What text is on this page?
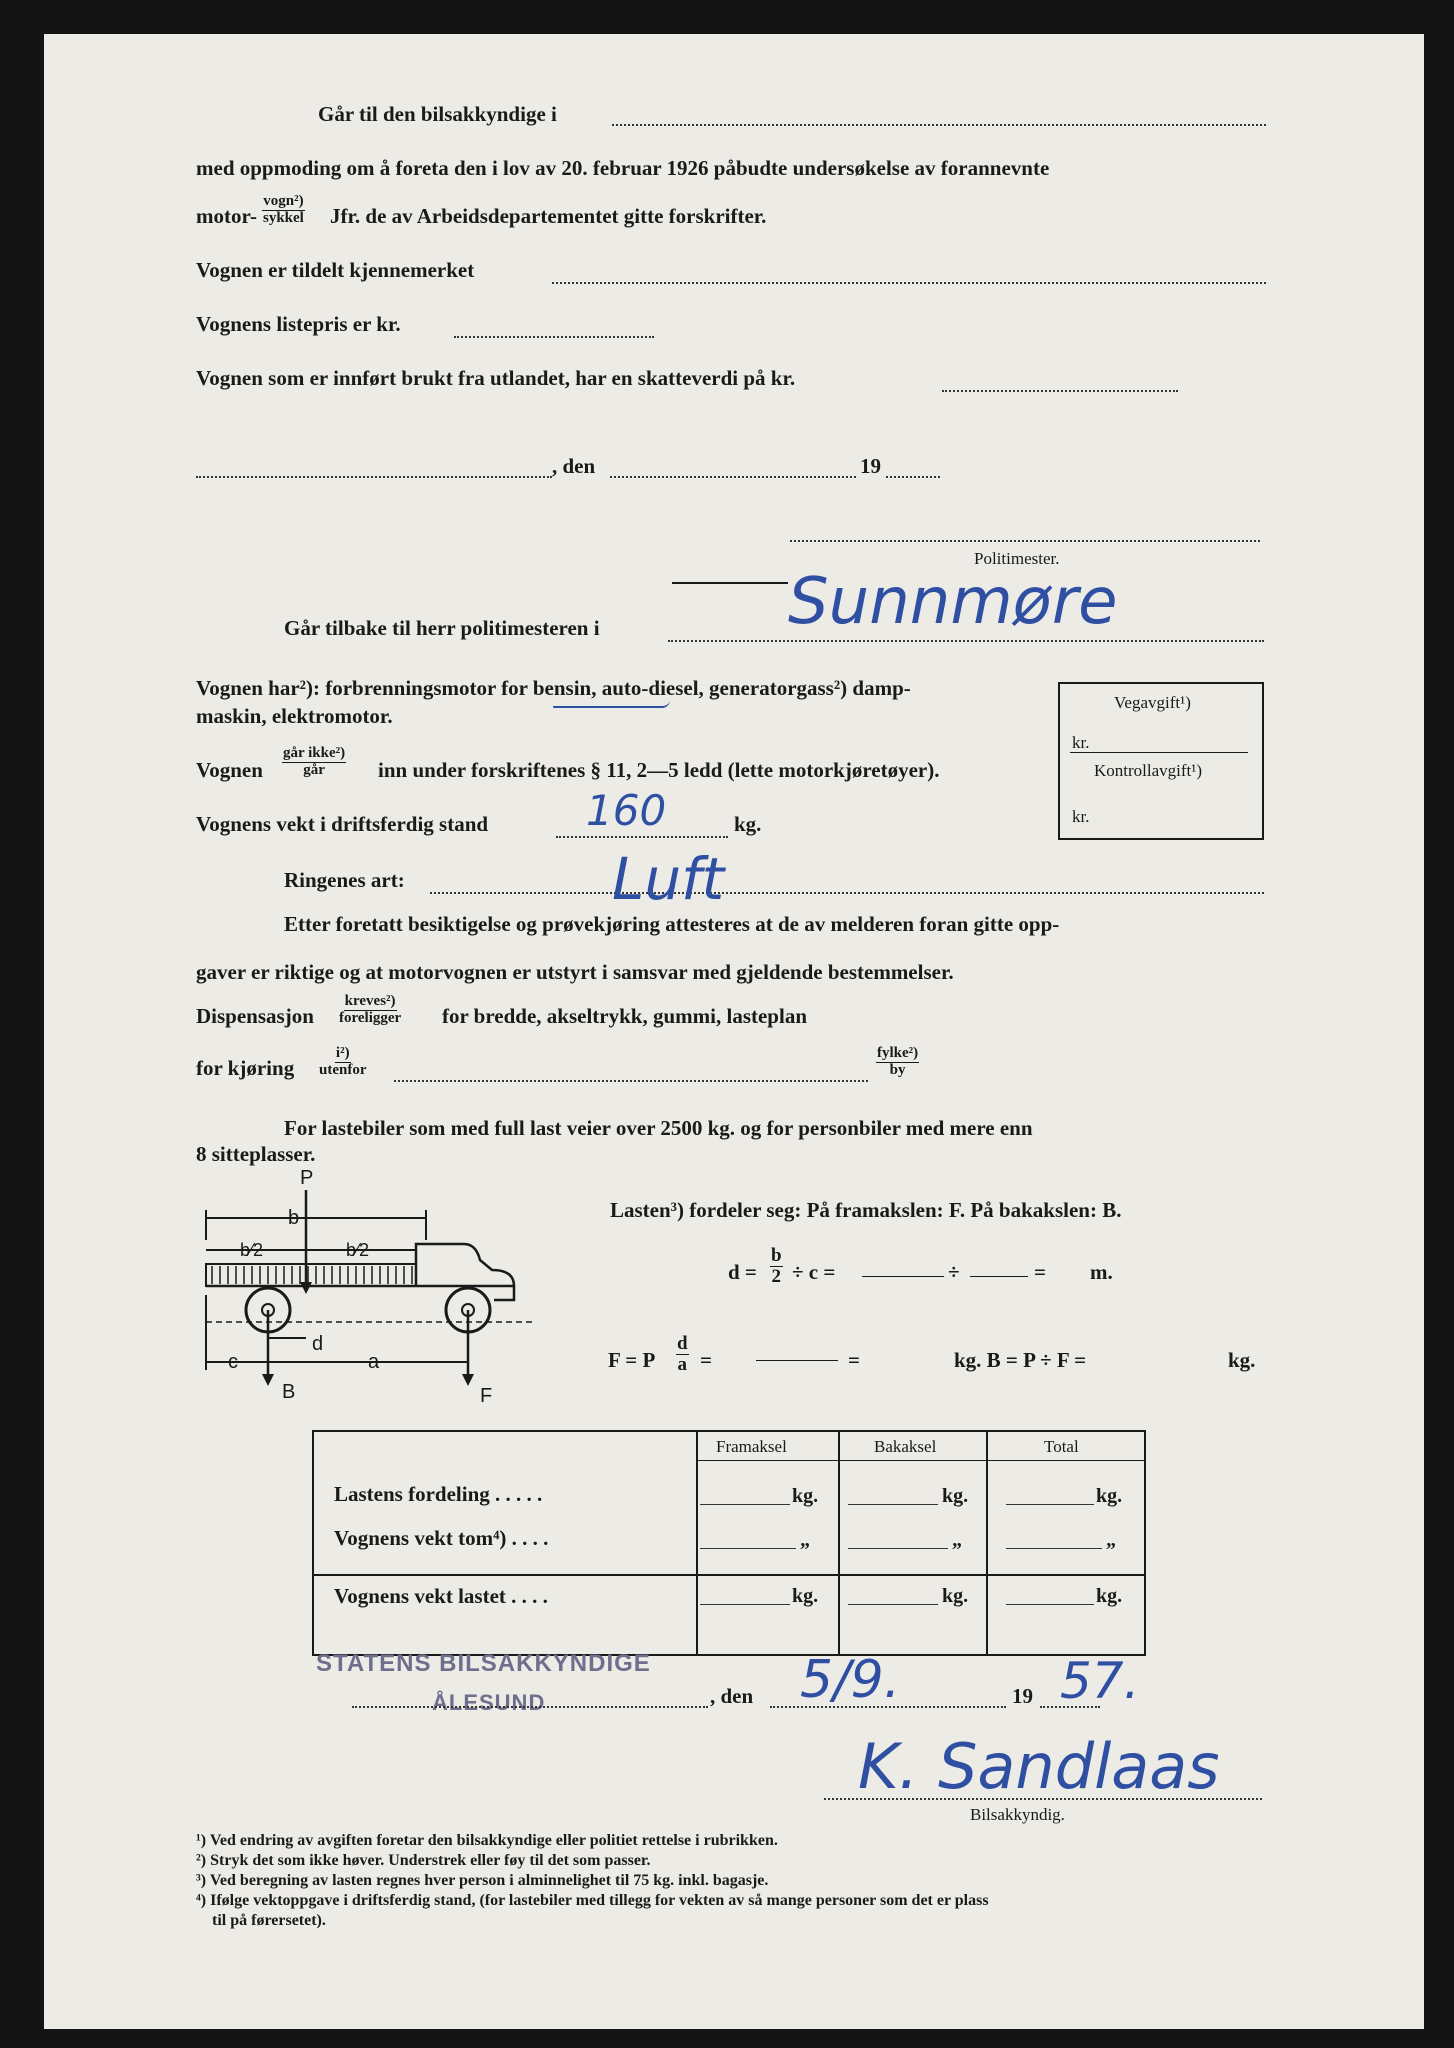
Går til den bilsakkyndige i
med oppmoding om å foreta den i lov av 20. februar 1926 påbudte undersøkelse av forannevnte
motor-
vogn²)
sykkel Jfr. de av Arbeidsdepartementet gitte forskrifter.
Vognen er tildelt kjennemerket
Vognens listepris er kr.
Vognen som er innført brukt fra utlandet, har en skatteverdi på kr.
, den	19
Politimester.
Går tilbake til herr politimesteren i	Sunnmøre
Vognen har²): forbrenningsmotor for bensin, auto-diesel, generatorgass²) damp-
maskin, elektromotor.
Vegavgift¹)
kr.
Kontrollavgift¹)
kr.
Vognen
går ikke²)
går	inn under forskriftenes § 11, 2—5 ledd (lette motorkjøretøyer).
Vognens vekt i driftsferdig stand 160	kg.
Ringenes art:	Luft
Etter foretatt besiktigelse og prøvekjøring attesteres at de av melderen foran gitte opp-
gaver er riktige og at motorvognen er utstyrt i samsvar med gjeldende bestemmelser.
Dispensasjon
kreves²)
foreligger for bredde, akseltrykk, gummi, lasteplan
for kjøring
i²)
utenfor
fylke²)
by
For lastebiler som med full last veier over 2500 kg. og for personbiler med mere enn
8 sitteplasser.
P
b
b⁄2	b⁄2
d
c	a
B	F
Lasten³) fordeler seg: På framakslen: F. På bakakslen: B.
$d = \frac{b}{2} \div c$ =	÷	= m.
F = P $\frac{d}{a}$ =	=	kg. B = P ÷ F =	kg.
Framaksel	Bakaksel	Total
Lastens fordeling . . . . .	kg.	kg.	kg.
Vognens vekt tom⁴) . . . .	„	„	„
Vognens vekt lastet . . . .	kg.	kg.	kg.
STATENS BILSAKKYNDIGE
ÅLESUND	, den 5/9.	19 57.
K. Sandlaas
Bilsakkyndig.
¹) Ved endring av avgiften foretar den bilsakkyndige eller politiet rettelse i rubrikken.
²) Stryk det som ikke høver. Understrek eller føy til det som passer.
³) Ved beregning av lasten regnes hver person i alminnelighet til 75 kg. inkl. bagasje.
⁴) Ifølge vektoppgave i driftsferdig stand, (for lastebiler med tillegg for vekten av så mange personer som det er plass
til på førersetet).
